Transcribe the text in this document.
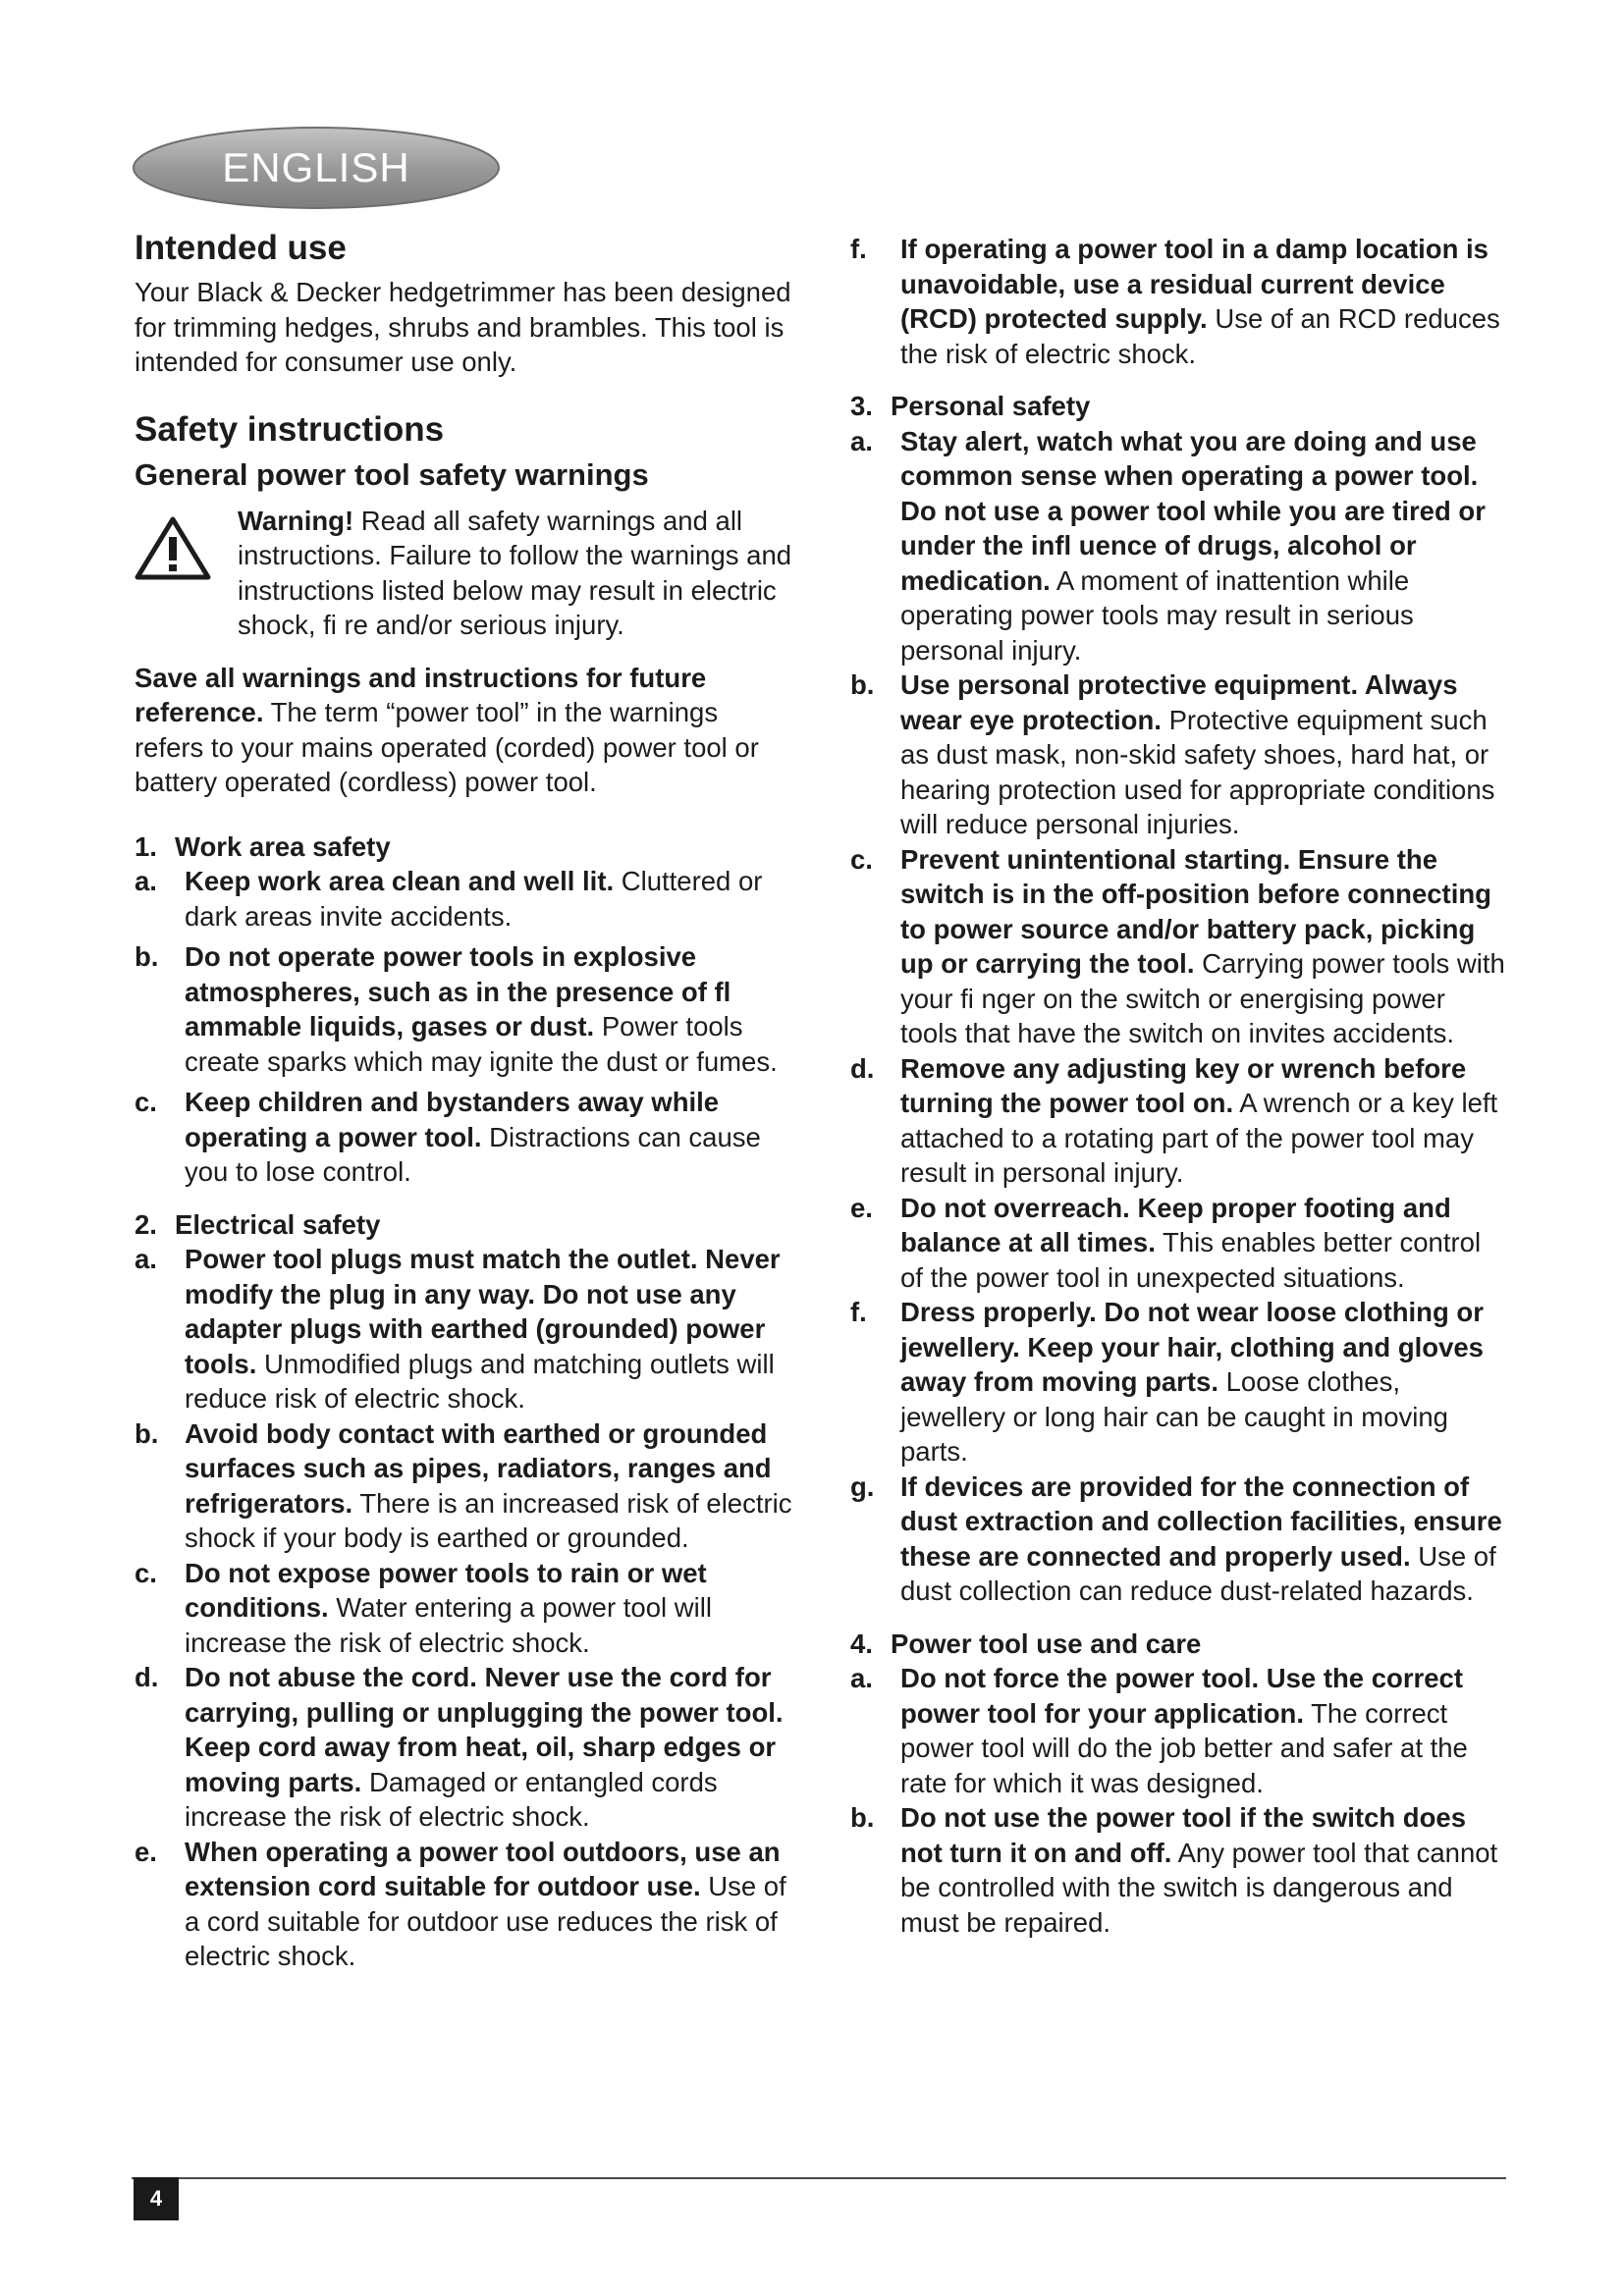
ENGLISH
Intended use

Your Black & Decker hedgetrimmer has been designed for trimming hedges, shrubs and brambles. This tool is intended for consumer use only.

Safety instructions
General power tool safety warnings

Warning! Read all safety warnings and all instructions. Failure to follow the warnings and instructions listed below may result in electric shock, fi re and/or serious injury.

Save all warnings and instructions for future reference. The term “power tool” in the warnings refers to your mains operated (corded) power tool or battery operated (cordless) power tool.

1. Work area safety
a. Keep work area clean and well lit. Cluttered or dark areas invite accidents.
b. Do not operate power tools in explosive atmospheres, such as in the presence of fl ammable liquids, gases or dust. Power tools create sparks which may ignite the dust or fumes.
c. Keep children and bystanders away while operating a power tool. Distractions can cause you to lose control.
2. Electrical safety
a. Power tool plugs must match the outlet. Never modify the plug in any way. Do not use any adapter plugs with earthed (grounded) power tools. Unmodified plugs and matching outlets will reduce risk of electric shock.
b. Avoid body contact with earthed or grounded surfaces such as pipes, radiators, ranges and refrigerators. There is an increased risk of electric shock if your body is earthed or grounded.
c. Do not expose power tools to rain or wet conditions. Water entering a power tool will increase the risk of electric shock.
d. Do not abuse the cord. Never use the cord for carrying, pulling or unplugging the power tool. Keep cord away from heat, oil, sharp edges or moving parts. Damaged or entangled cords increase the risk of electric shock.
e. When operating a power tool outdoors, use an extension cord suitable for outdoor use. Use of a cord suitable for outdoor use reduces the risk of electric shock.
f. If operating a power tool in a damp location is unavoidable, use a residual current device (RCD) protected supply. Use of an RCD reduces the risk of electric shock.
3. Personal safety
a. Stay alert, watch what you are doing and use common sense when operating a power tool. Do not use a power tool while you are tired or under the infl uence of drugs, alcohol or medication. A moment of inattention while operating power tools may result in serious personal injury.
b. Use personal protective equipment. Always wear eye protection. Protective equipment such as dust mask, non-skid safety shoes, hard hat, or hearing protection used for appropriate conditions will reduce personal injuries.
c. Prevent unintentional starting. Ensure the switch is in the off-position before connecting to power source and/or battery pack, picking up or carrying the tool. Carrying power tools with your fi nger on the switch or energising power tools that have the switch on invites accidents.
d. Remove any adjusting key or wrench before turning the power tool on. A wrench or a key left attached to a rotating part of the power tool may result in personal injury.
e. Do not overreach. Keep proper footing and balance at all times. This enables better control of the power tool in unexpected situations.
f. Dress properly. Do not wear loose clothing or jewellery. Keep your hair, clothing and gloves away from moving parts. Loose clothes, jewellery or long hair can be caught in moving parts.
g. If devices are provided for the connection of dust extraction and collection facilities, ensure these are connected and properly used. Use of dust collection can reduce dust-related hazards.
4. Power tool use and care
a. Do not force the power tool. Use the correct power tool for your application. The correct power tool will do the job better and safer at the rate for which it was designed.
b. Do not use the power tool if the switch does not turn it on and off. Any power tool that cannot be controlled with the switch is dangerous and must be repaired.
4
